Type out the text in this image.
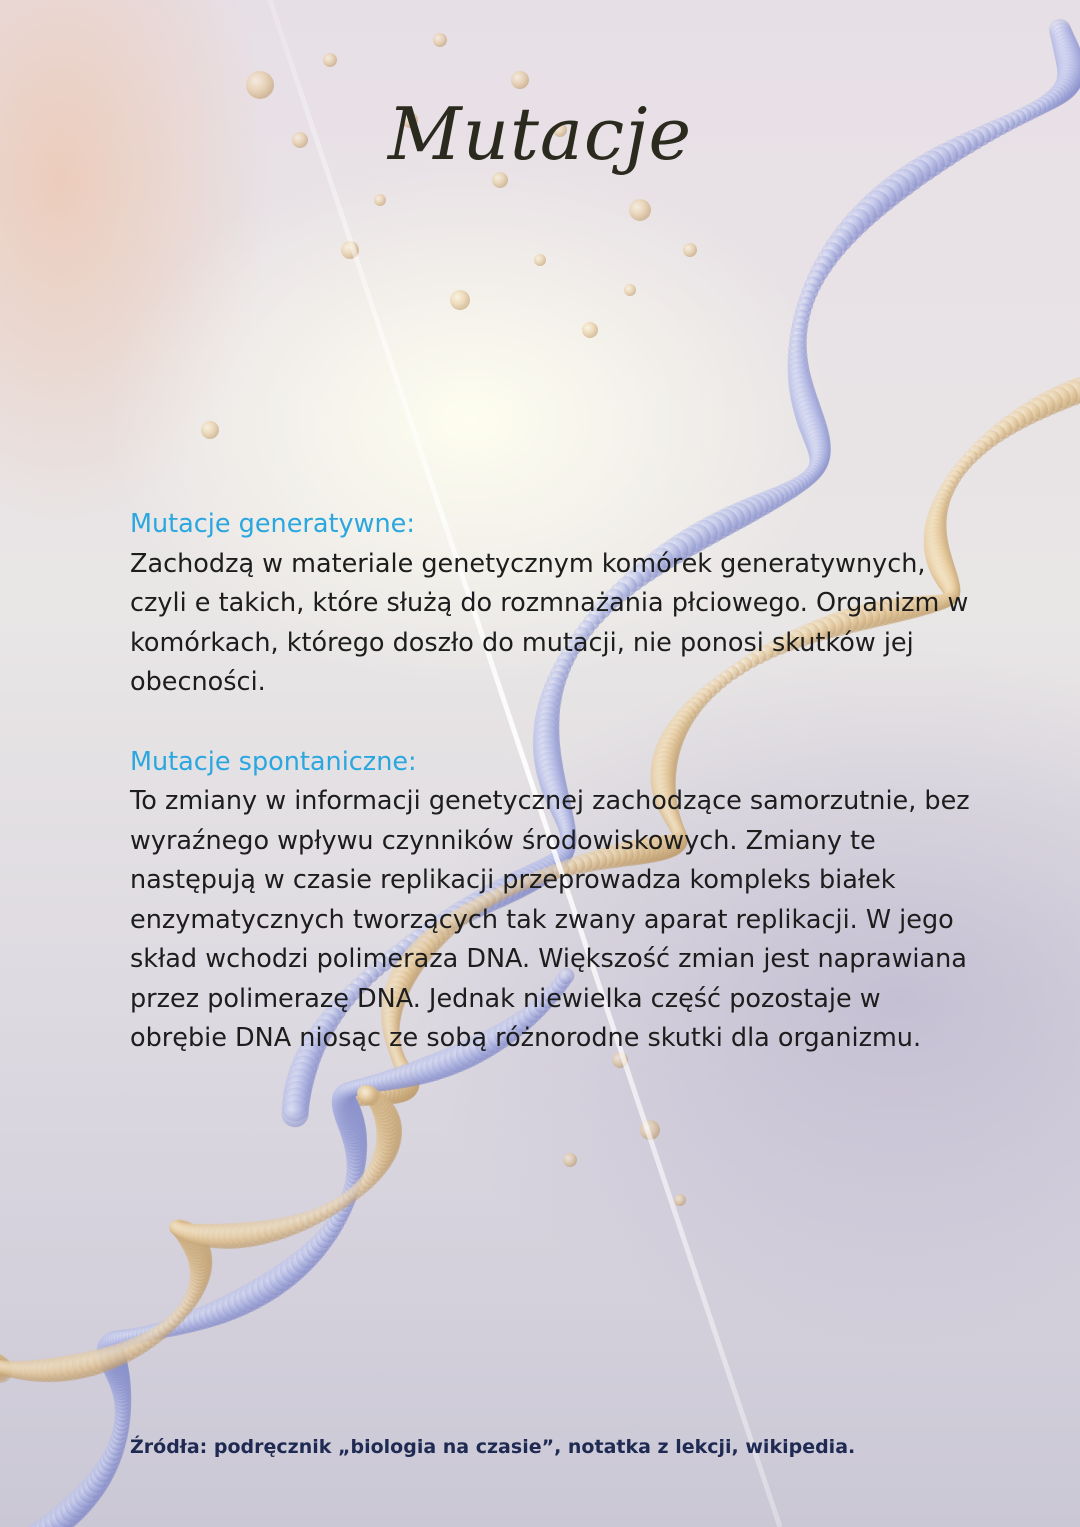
Mutacje
Mutacje generatywne:
Zachodzą w materiale genetycznym komórek generatywnych, czyli e takich, które służą do rozmnażania płciowego. Organizm w komórkach, którego doszło do mutacji, nie ponosi skutków jej obecności.
Mutacje spontaniczne:
To zmiany w informacji genetycznej zachodzące samorzutnie, bez wyraźnego wpływu czynników środowiskowych. Zmiany te następują w czasie replikacji przeprowadza kompleks białek enzymatycznych tworzących tak zwany aparat replikacji. W jego skład wchodzi polimeraza DNA. Większość zmian jest naprawiana przez polimerazę DNA. Jednak niewielka część pozostaje w obrębie DNA niosąc ze sobą różnorodne skutki dla organizmu.
Źródła: podręcznik „biologia na czasie”, notatka z lekcji, wikipedia.
